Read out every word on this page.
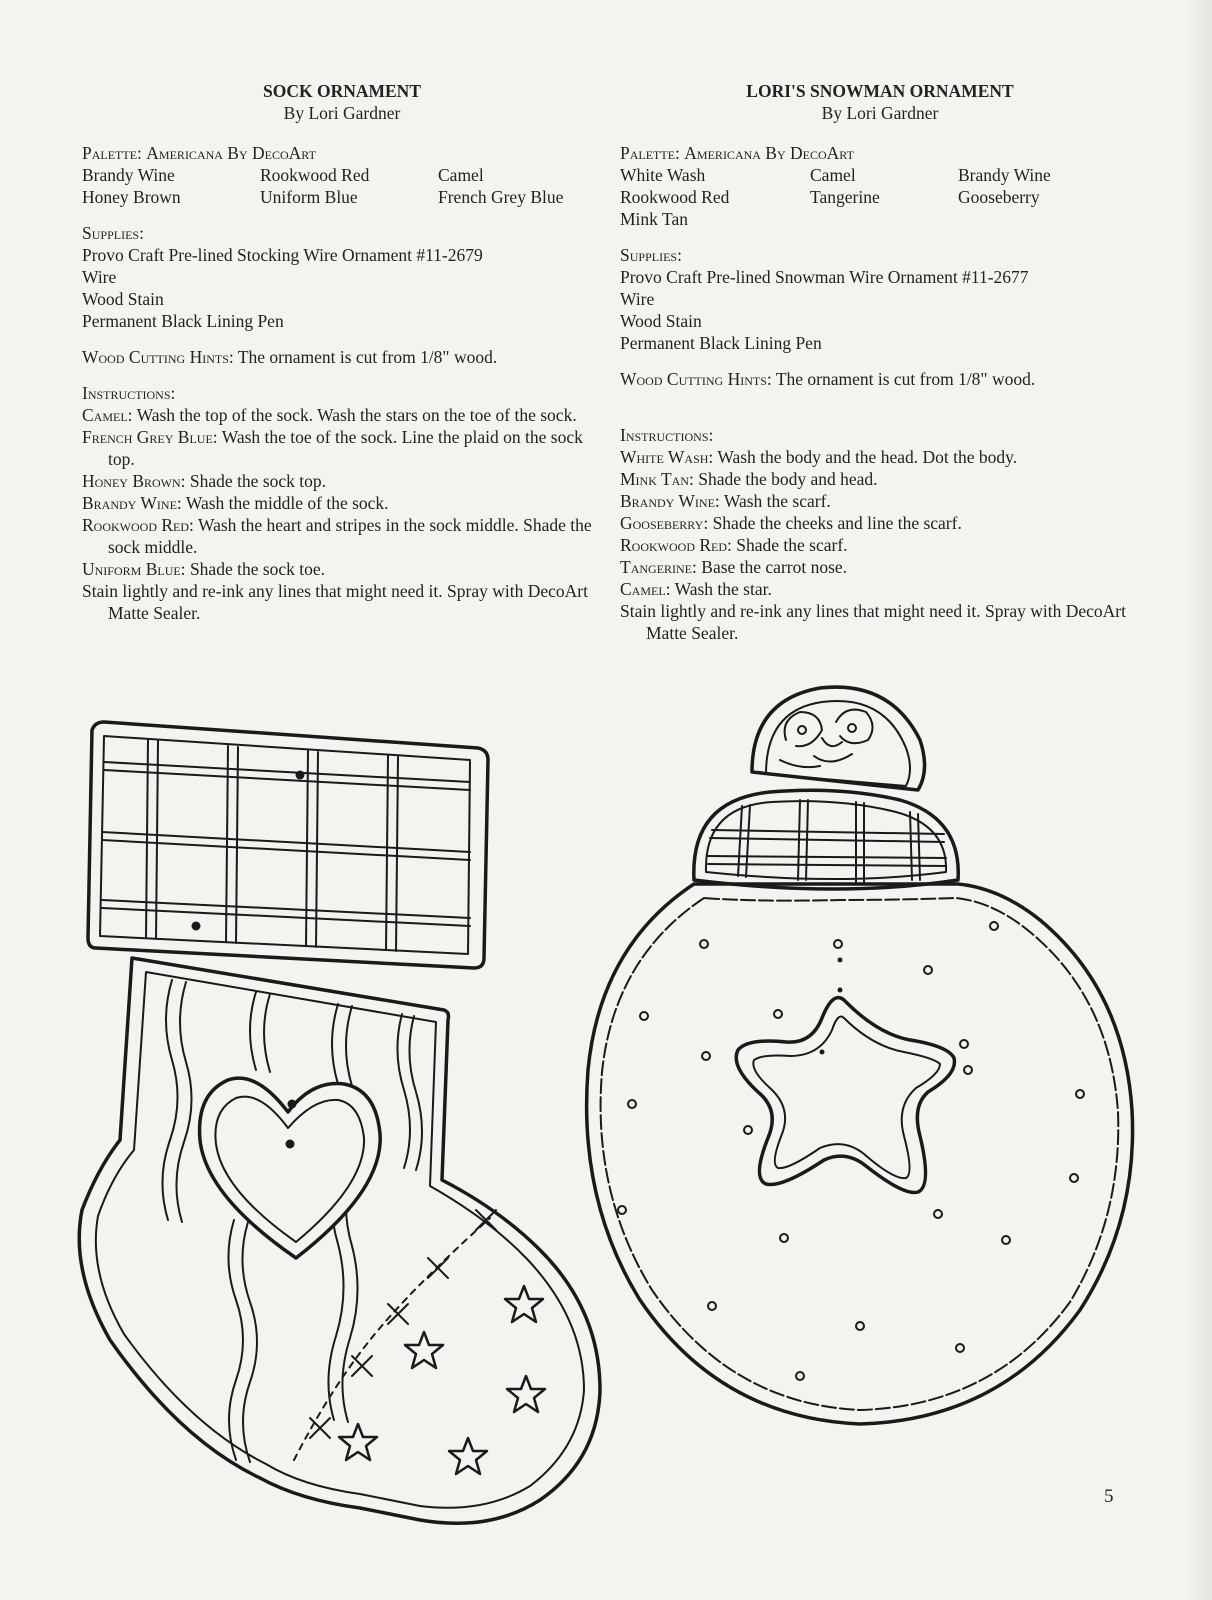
SOCK ORNAMENT
By Lori Gardner
Palette: Americana By DecoArt
Brandy Wine	Rookwood Red	Camel
Honey Brown	Uniform Blue	French Grey Blue
Supplies:
Provo Craft Pre-lined Stocking Wire Ornament #11-2679
Wire
Wood Stain
Permanent Black Lining Pen
Wood Cutting Hints: The ornament is cut from 1/8" wood.
Instructions:
Camel: Wash the top of the sock. Wash the stars on the toe of the sock.
French Grey Blue: Wash the toe of the sock. Line the plaid on the sock top.
Honey Brown: Shade the sock top.
Brandy Wine: Wash the middle of the sock.
Rookwood Red: Wash the heart and stripes in the sock middle. Shade the sock middle.
Uniform Blue: Shade the sock toe.
Stain lightly and re-ink any lines that might need it. Spray with DecoArt Matte Sealer.
LORI'S SNOWMAN ORNAMENT
By Lori Gardner
Palette: Americana By DecoArt
White Wash	Camel	Brandy Wine
Rookwood Red	Tangerine	Gooseberry
Mink Tan
Supplies:
Provo Craft Pre-lined Snowman Wire Ornament #11-2677
Wire
Wood Stain
Permanent Black Lining Pen
Wood Cutting Hints: The ornament is cut from 1/8" wood.
Instructions:
White Wash: Wash the body and the head. Dot the body.
Mink Tan: Shade the body and head.
Brandy Wine: Wash the scarf.
Gooseberry: Shade the cheeks and line the scarf.
Rookwood Red: Shade the scarf.
Tangerine: Base the carrot nose.
Camel: Wash the star.
Stain lightly and re-ink any lines that might need it. Spray with DecoArt Matte Sealer.
5
